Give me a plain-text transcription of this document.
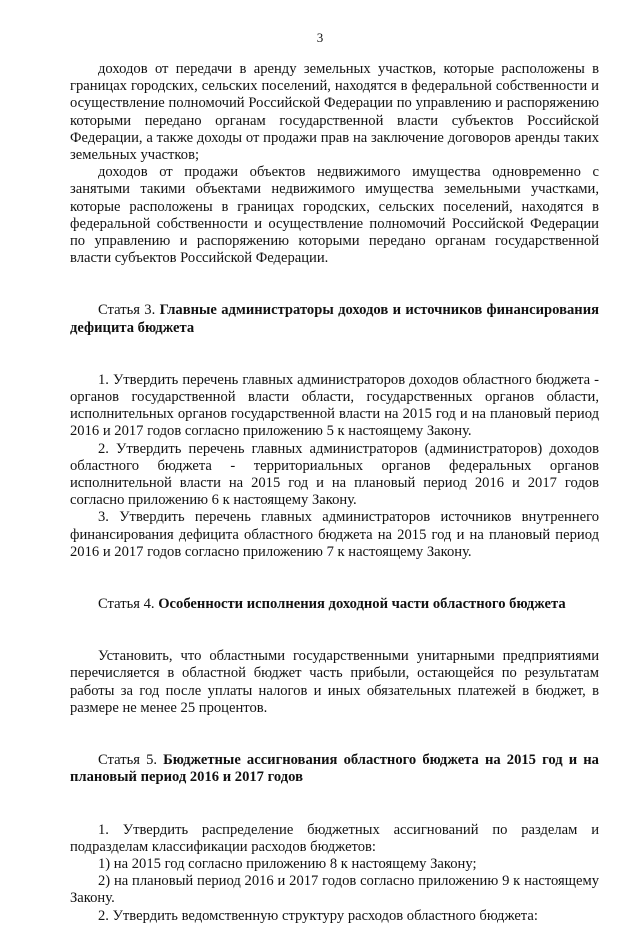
3

доходов от передачи в аренду земельных участков, которые расположены в границах городских, сельских поселений, находятся в федеральной собственности и осуществление полномочий Российской Федерации по управлению и распоряжению которыми передано органам государственной власти субъектов Российской Федерации, а также доходы от продажи прав на заключение договоров аренды таких земельных участков;

доходов от продажи объектов недвижимого имущества одновременно с занятыми такими объектами недвижимого имущества земельными участками, которые расположены в границах городских, сельских поселений, находятся в федеральной собственности и осуществление полномочий Российской Федерации по управлению и распоряжению которыми передано органам государственной власти субъектов Российской Федерации.

Статья 3. Главные администраторы доходов и источников финансирования дефицита бюджета

1. Утвердить перечень главных администраторов доходов областного бюджета - органов государственной власти области, государственных органов области, исполнительных органов государственной власти на 2015 год и на плановый период 2016 и 2017 годов согласно приложению 5 к настоящему Закону.

2. Утвердить перечень главных администраторов (администраторов) доходов областного бюджета - территориальных органов федеральных органов исполнительной власти на 2015 год и на плановый период 2016 и 2017 годов согласно приложению 6 к настоящему Закону.

3. Утвердить перечень главных администраторов источников внутреннего финансирования дефицита областного бюджета на 2015 год и на плановый период 2016 и 2017 годов согласно приложению 7 к настоящему Закону.

Статья 4. Особенности исполнения доходной части областного бюджета

Установить, что областными государственными унитарными предприятиями перечисляется в областной бюджет часть прибыли, остающейся по результатам работы за год после уплаты налогов и иных обязательных платежей в бюджет, в размере не менее 25 процентов.

Статья 5. Бюджетные ассигнования областного бюджета на 2015 год и на плановый период 2016 и 2017 годов

1. Утвердить распределение бюджетных ассигнований по разделам и подразделам классификации расходов бюджетов:

1) на 2015 год согласно приложению 8 к настоящему Закону;

2) на плановый период 2016 и 2017 годов согласно приложению 9 к настоящему Закону.

2. Утвердить ведомственную структуру расходов областного бюджета:
